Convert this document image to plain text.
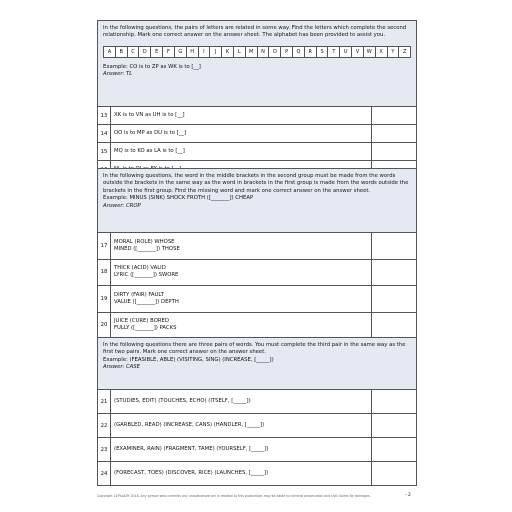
In the following questions, the pairs of letters are related in some way. Find the letters which complete the second relationship. Mark one correct answer on the answer sheet. The alphabet has been provided to assist you.

A	B	C	D	E	F	G	H	I	J	K	L	M	N	O	P	Q	R	S	T	U	V	W	X	Y	Z

Example: CO is to ZP as WK is to [__]

Answer: TL

13	XK is to VN as UH is to [__]
14	OO is to MP as DU is to [__]
15	MQ is to KO as LA is to [__]

In the following questions, the word in the middle brackets in the second group must be made from the words outside the brackets in the same way as the word in brackets in the first group is made from the words outside the brackets in the first group. Find the missing word and mark one correct answer on the answer sheet.

Example: MINUS (SINK) SHOCK FROTH ([_______]) CHEAP

Answer: CROP

17
MORAL (ROLE) WHOSE
MINED ([_______]) THOSE
18
THICK (ACID) VALID
LYRIC ([_______]) SWORE
19
DIRTY (FAIR) FAULT
VALUE ([_______]) DEPTH
20
JUICE (CURE) BORED
FULLY ([_______]) PACKS

In the following questions there are three pairs of words. You must complete the third pair in the same way as the first two pairs. Mark one correct answer on the answer sheet.

Example: (FEASIBLE, ABLE) (VISITING, SING) (INCREASE, [_____])

Answer: CASE

21	(STUDIES, EDIT) (TOUCHES, ECHO) (ITSELF, [_____])
22	(GARBLED, READ) (INCREASE, CANS) (HANDLER, [_____])
23	(EXAMINER, RAIN) (FRAGMENT, TAME) (YOURSELF, [_____])
24	(FORECAST, TOES) (DISCOVER, RICE) (LAUNCHES, [_____])
Copyright 11PlusDIY 2018. Any person who commits any unauthorised act in relation to this publication may be liable to criminal prosecution and civil claims for damages.	- 2
